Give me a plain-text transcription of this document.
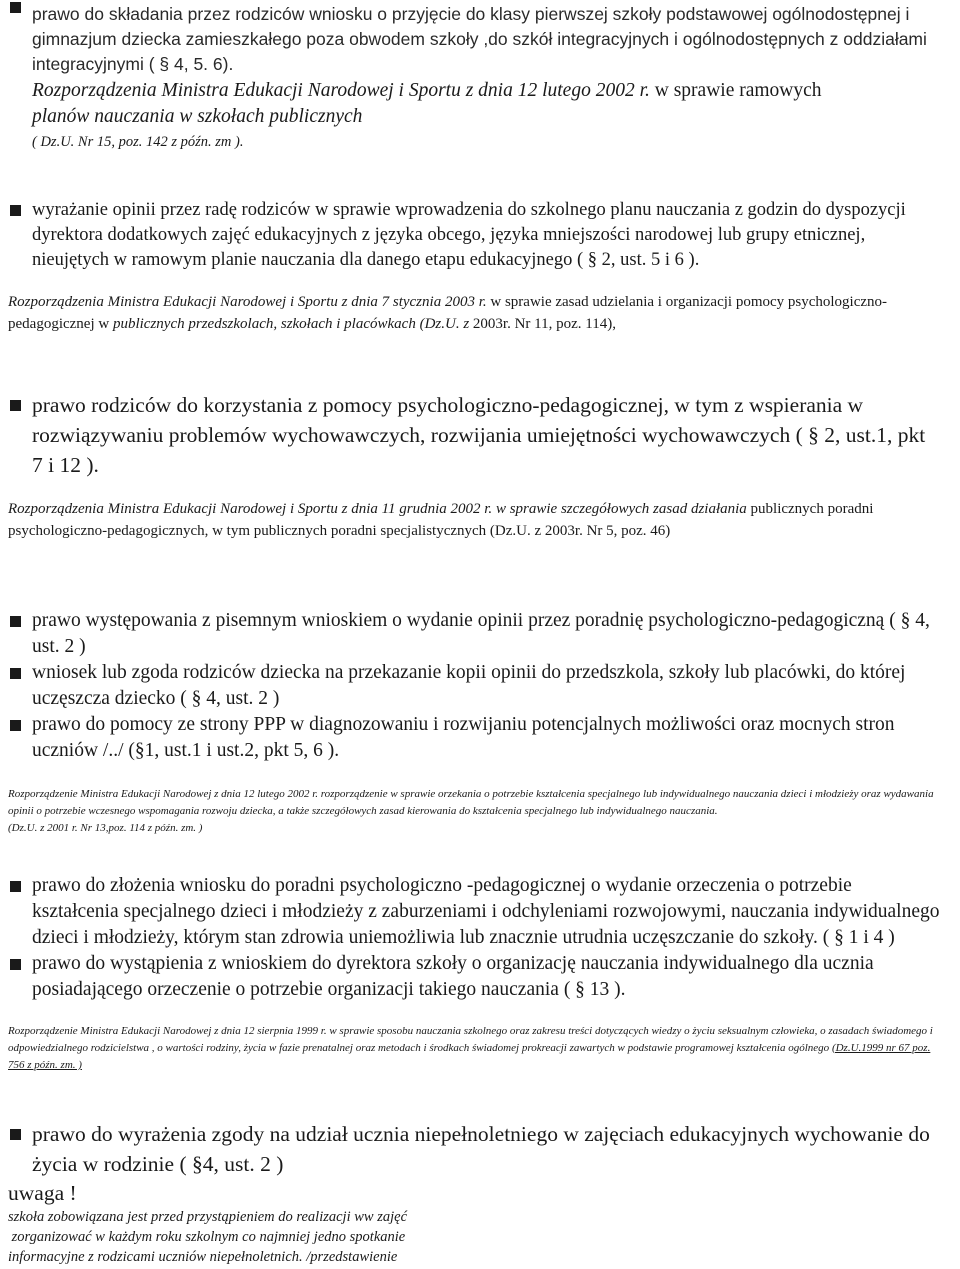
prawo do składania przez rodziców wniosku o przyjęcie do klasy pierwszej szkoły podstawowej ogólnodostępnej i gimnazjum dziecka zamieszkałego poza obwodem szkoły ,do szkół integracyjnych i ogólnodostępnych z oddziałami integracyjnymi ( § 4, 5. 6).
Rozporządzenia Ministra Edukacji Narodowej i Sportu z dnia 12 lutego 2002 r. w sprawie ramowych
planów nauczania w szkołach publicznych
( Dz.U. Nr 15, poz. 142 z późn. zm ).
wyrażanie opinii przez radę rodziców w sprawie wprowadzenia do szkolnego planu nauczania z godzin do dyspozycji dyrektora dodatkowych zajęć edukacyjnych z języka obcego, języka mniejszości narodowej lub grupy etnicznej, nieujętych w ramowym planie nauczania dla danego etapu edukacyjnego ( § 2, ust. 5 i 6 ).
Rozporządzenia Ministra Edukacji Narodowej i Sportu z dnia 7 stycznia 2003 r. w sprawie zasad udzielania i organizacji pomocy psychologiczno-pedagogicznej w publicznych przedszkolach, szkołach i placówkach (Dz.U. z 2003r. Nr 11, poz. 114),
prawo rodziców do korzystania z pomocy psychologiczno-pedagogicznej, w tym z wspierania w rozwiązywaniu problemów wychowawczych, rozwijania umiejętności wychowawczych ( § 2, ust.1, pkt 7 i 12 ).
Rozporządzenia Ministra Edukacji Narodowej i Sportu z dnia 11 grudnia 2002 r. w sprawie szczegółowych zasad działania publicznych poradni psychologiczno-pedagogicznych, w tym publicznych poradni specjalistycznych (Dz.U. z 2003r. Nr 5, poz. 46)
prawo występowania z pisemnym wnioskiem o wydanie opinii przez poradnię psychologiczno-pedagogiczną ( § 4, ust. 2 )
wniosek lub zgoda rodziców dziecka na przekazanie kopii opinii do przedszkola, szkoły lub placówki, do której uczęszcza dziecko ( § 4, ust. 2 )
prawo do pomocy ze strony PPP w diagnozowaniu i rozwijaniu potencjalnych możliwości oraz mocnych stron uczniów /../ (§1, ust.1 i ust.2, pkt 5, 6 ).
Rozporządzenie Ministra Edukacji Narodowej z dnia 12 lutego 2002 r. rozporządzenie w sprawie orzekania o potrzebie kształcenia specjalnego lub indywidualnego nauczania dzieci i młodzieży oraz wydawania opinii o potrzebie wczesnego wspomagania rozwoju dziecka, a także szczegółowych zasad kierowania do kształcenia specjalnego lub indywidualnego nauczania.
(Dz.U. z 2001 r. Nr 13,poz. 114 z późn. zm. )
prawo do złożenia wniosku do poradni psychologiczno -pedagogicznej o wydanie orzeczenia o potrzebie kształcenia specjalnego dzieci i młodzieży z zaburzeniami i odchyleniami rozwojowymi, nauczania indywidualnego dzieci i młodzieży, którym stan zdrowia uniemożliwia lub znacznie utrudnia uczęszczanie do szkoły. ( § 1 i 4 )
prawo do wystąpienia z wnioskiem do dyrektora szkoły o organizację nauczania indywidualnego dla ucznia posiadającego orzeczenie o potrzebie organizacji takiego nauczania ( § 13 ).
Rozporządzenie Ministra Edukacji Narodowej z dnia 12 sierpnia 1999 r. w sprawie sposobu nauczania szkolnego oraz zakresu treści dotyczących wiedzy o życiu seksualnym człowieka, o zasadach świadomego i odpowiedzialnego rodzicielstwa , o wartości rodziny, życia w fazie prenatalnej oraz metodach i środkach świadomej prokreacji zawartych w podstawie programowej kształcenia ogólnego (Dz.U.1999 nr 67 poz. 756 z późn. zm. )
prawo do wyrażenia zgody na udział ucznia niepełnoletniego w zajęciach edukacyjnych wychowanie do życia w rodzinie ( §4, ust. 2 )
uwaga !
szkoła zobowiązana jest przed przystąpieniem do realizacji ww zajęć
zorganizować w każdym roku szkolnym co najmniej jedno spotkanie
informacyjne z rodzicami uczniów niepełnoletnich. /przedstawienie
